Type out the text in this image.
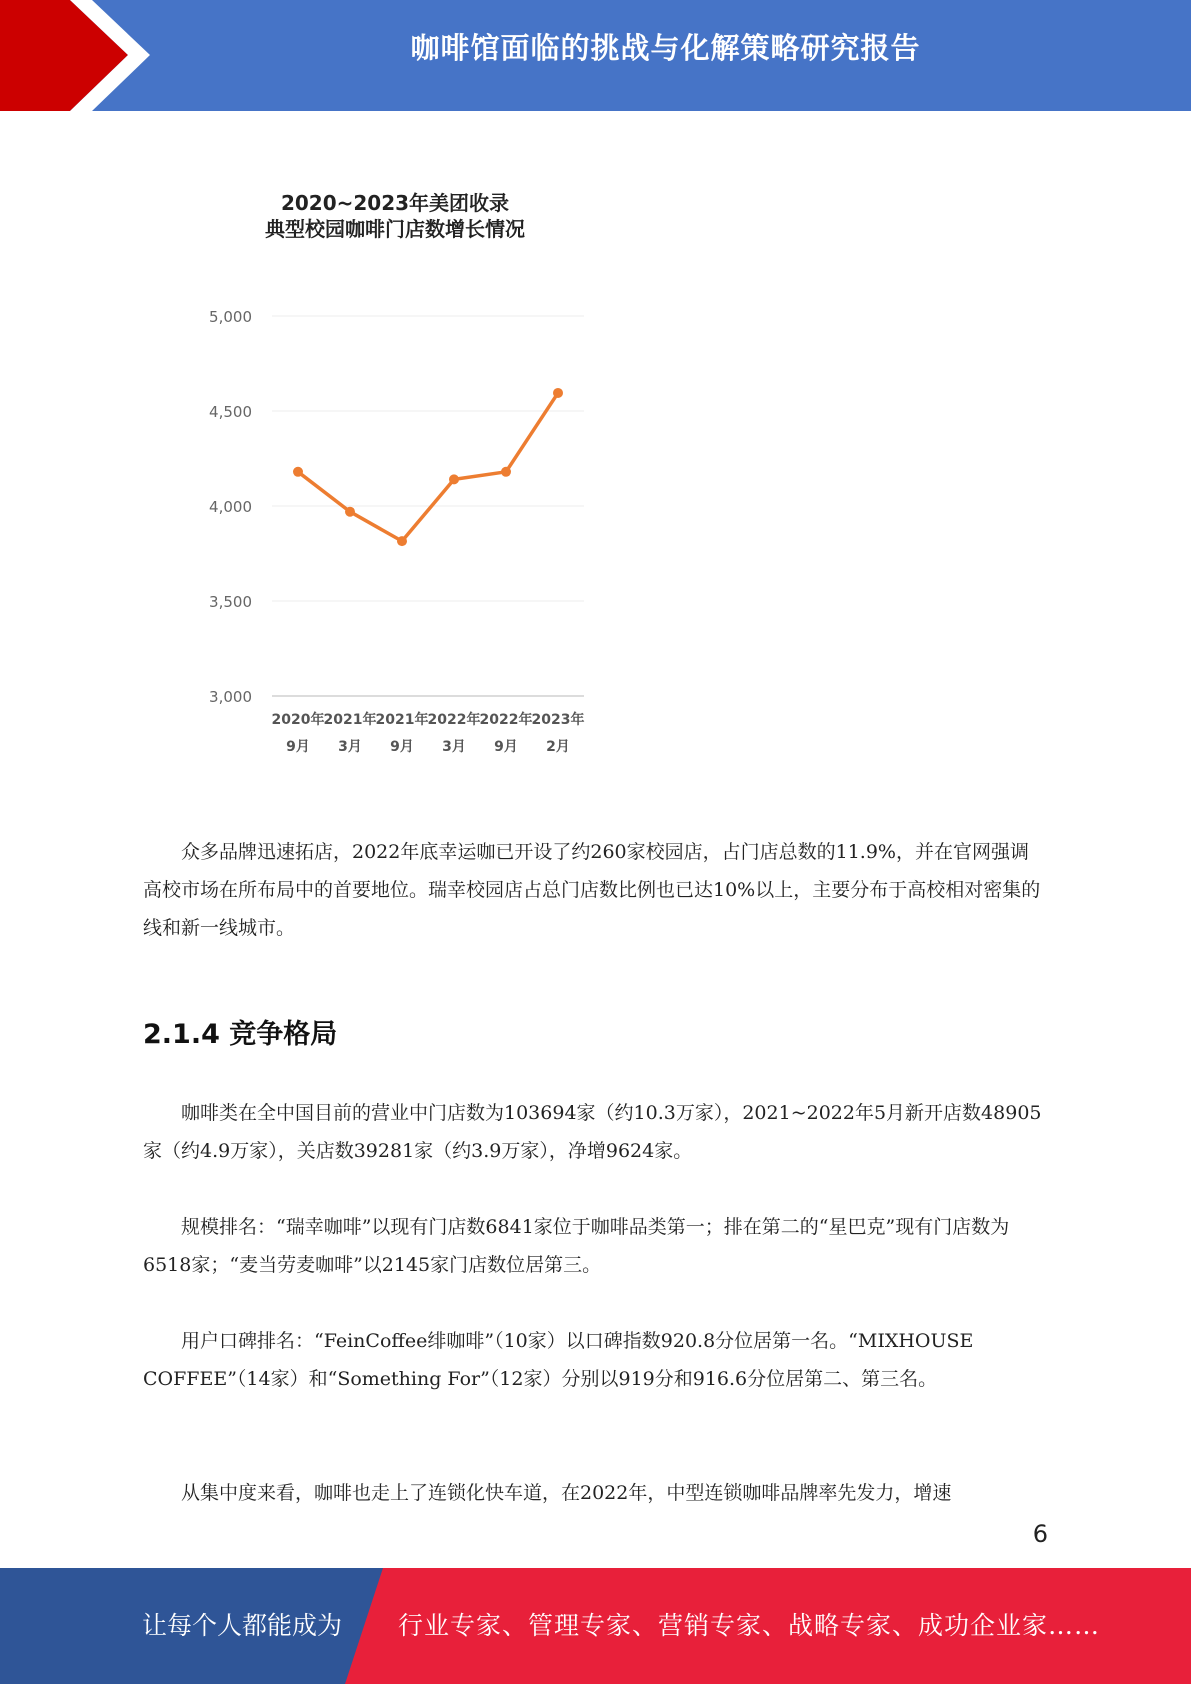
咖啡馆面临的挑战与化解策略研究报告
2020~2023年美团收录
典型校园咖啡门店数增长情况
3,000
3,500
4,000
4,500
5,000
2020年
9月
2021年
3月
2021年
9月
2022年
3月
2022年
9月
2023年
2月

众多品牌迅速拓店，2022年底幸运咖已开设了约260家校园店，占门店总数的11.9%，并在官网强调高校市场在所布局中的首要地位。瑞幸校园店占总门店数比例也已达10%以上，主要分布于高校相对密集的线和新一线城市。

2.1.4 竞争格局

咖啡类在全中国目前的营业中门店数为103694家（约10.3万家），2021~2022年5月新开店数48905家（约4.9万家），关店数39281家（约3.9万家），净增9624家。

规模排名：“瑞幸咖啡”以现有门店数6841家位于咖啡品类第一；排在第二的“星巴克”现有门店数为6518家；“麦当劳麦咖啡”以2145家门店数位居第三。

用户口碑排名：“FeinCoffee绯咖啡”（10家）以口碑指数920.8分位居第一名。“MIXHOUSE COFFEE”（14家）和“Something For”（12家）分别以919分和916.6分位居第二、第三名。

从集中度来看，咖啡也走上了连锁化快车道，在2022年，中型连锁咖啡品牌率先发力，增速

6
让每个人都能成为 行业专家、管理专家、营销专家、战略专家、成功企业家……
